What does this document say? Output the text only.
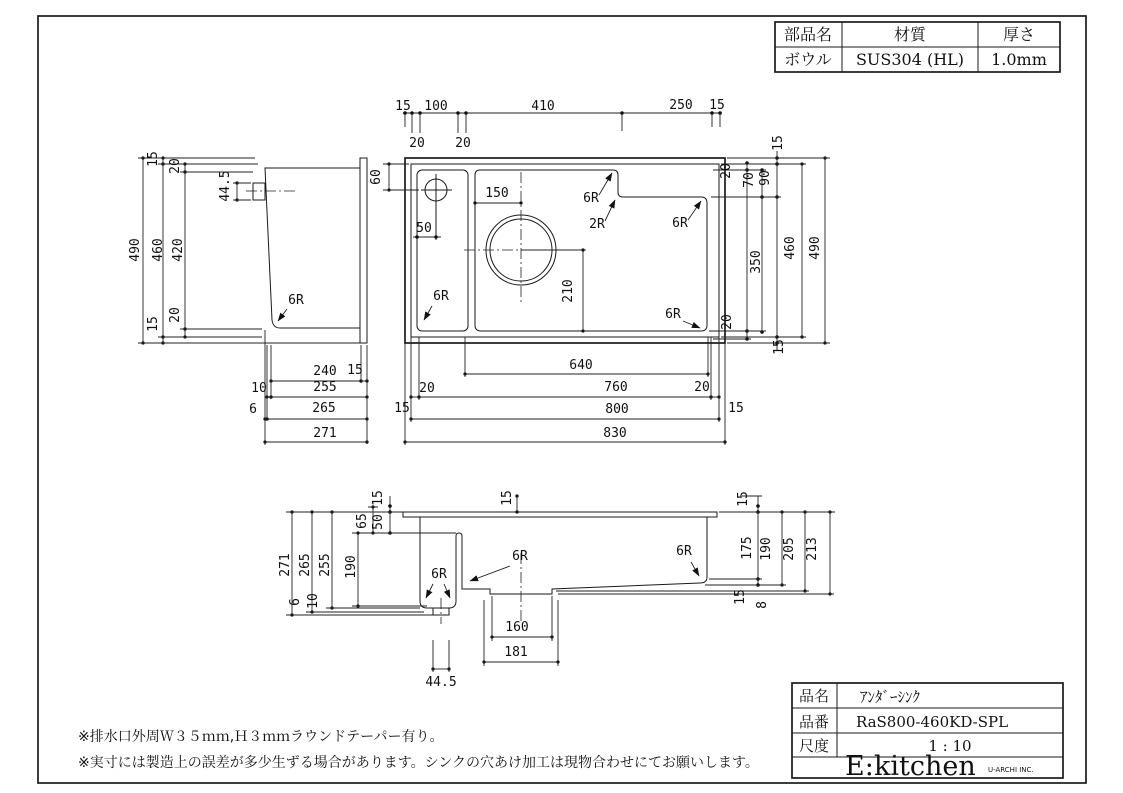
部品名	材質	厚さ
ボウル SUS304 (HL) 1.0mm
15 100	410	250 15
20 20
6R
44.5
15 20
490 460 420
20
15
150
50
60
210
6R
6R
2R	6R
6R
20
70 90
350
460 490
20
15
15
640
20	760	20
15	800	15
830
240 15
10	255
6	265
271
6R
6R	6R
271 265 255 190
6 10
65 50
15	15	15
175 190 205 213
15
8
160
181
44.5
※排水口外周Ｗ３５ｍｍ,Ｈ３ｍｍラウンドテーパー有り。
※実寸には製造上の誤差が多少生ずる場合があります。シンクの穴あけ加工は現物合わせにてお願いします。
品名 ｱﾝﾀﾞｰｼﾝｸ
品番 RaS800-460KD-SPL
尺度	1 : 10
E: kitchen U-ARCHI INC.
